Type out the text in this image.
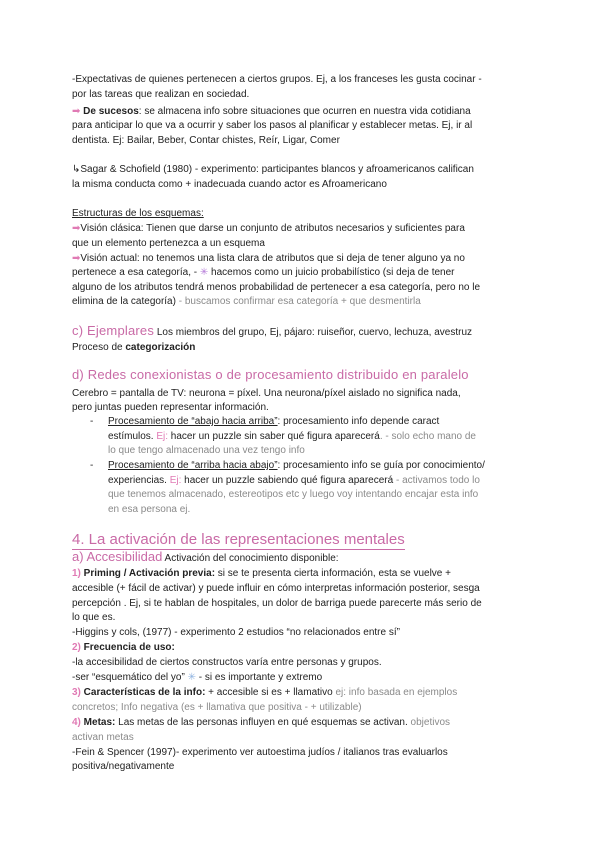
-Expectativas de quienes pertenecen a ciertos grupos. Ej, a los franceses les gusta cocinar -
por las tareas que realizan en sociedad.
➡ De sucesos: se almacena info sobre situaciones que ocurren en nuestra vida cotidiana
para anticipar lo que va a ocurrir y saber los pasos al planificar y establecer metas. Ej, ir al
dentista. Ej: Bailar, Beber, Contar chistes, Reír, Ligar, Comer
↳Sagar & Schofield (1980) - experimento: participantes blancos y afroamericanos califican
la misma conducta como + inadecuada cuando actor es Afroamericano
Estructuras de los esquemas:
➡Visión clásica: Tienen que darse un conjunto de atributos necesarios y suficientes para
que un elemento pertenezca a un esquema
➡Visión actual: no tenemos una lista clara de atributos que si deja de tener alguno ya no
pertenece a esa categoría, - ✳ hacemos como un juicio probabilístico (si deja de tener
alguno de los atributos tendrá menos probabilidad de pertenecer a esa categoría, pero no le
elimina de la categoría) - buscamos confirmar esa categoría + que desmentirla
c) Ejemplares Los miembros del grupo, Ej, pájaro: ruiseñor, cuervo, lechuza, avestruz
Proceso de categorización
d) Redes conexionistas o de procesamiento distribuido en paralelo
Cerebro = pantalla de TV: neurona = píxel. Una neurona/píxel aislado no significa nada,
pero juntas pueden representar información.
- Procesamiento de “abajo hacia arriba”: procesamiento info depende caract
estímulos. Ej: hacer un puzzle sin saber qué figura aparecerá. - solo echo mano de
lo que tengo almacenado una vez tengo info
- Procesamiento de “arriba hacia abajo”: procesamiento info se guía por conocimiento/
experiencias. Ej: hacer un puzzle sabiendo qué figura aparecerá - activamos todo lo
que tenemos almacenado, estereotipos etc y luego voy intentando encajar esta info
en esa persona ej.
4. La activación de las representaciones mentales
a) Accesibilidad Activación del conocimiento disponible:
1) Priming / Activación previa: si se te presenta cierta información, esta se vuelve +
accesible (+ fácil de activar) y puede influir en cómo interpretas información posterior, sesga
percepción . Ej, si te hablan de hospitales, un dolor de barriga puede parecerte más serio de
lo que es.
-Higgins y cols, (1977) - experimento 2 estudios “no relacionados entre sí”
2) Frecuencia de uso:
-la accesibilidad de ciertos constructos varía entre personas y grupos.
-ser “esquemático del yo” ✳ - si es importante y extremo
3) Características de la info: + accesible si es + llamativo ej: info basada en ejemplos
concretos; Info negativa (es + llamativa que positiva - + utilizable)
4) Metas: Las metas de las personas influyen en qué esquemas se activan. objetivos
activan metas
-Fein & Spencer (1997)- experimento ver autoestima judíos / italianos tras evaluarlos
positiva/negativamente
